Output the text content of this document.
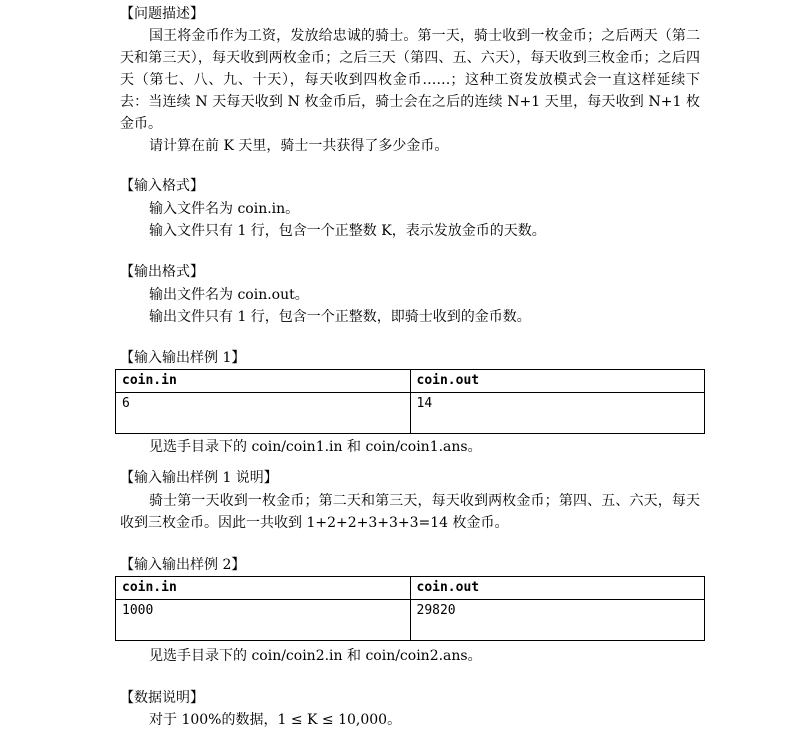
【问题描述】
国王将金币作为工资，发放给忠诚的骑士。第一天，骑士收到一枚金币；之后两天（第二天和第三天），每天收到两枚金币；之后三天（第四、五、六天），每天收到三枚金币；之后四天（第七、八、九、十天），每天收到四枚金币……；这种工资发放模式会一直这样延续下去：当连续 N 天每天收到 N 枚金币后，骑士会在之后的连续 N+1 天里，每天收到 N+1 枚金币。
请计算在前 K 天里，骑士一共获得了多少金币。
【输入格式】
输入文件名为 coin.in。
输入文件只有 1 行，包含一个正整数 K，表示发放金币的天数。
【输出格式】
输出文件名为 coin.out。
输出文件只有 1 行，包含一个正整数，即骑士收到的金币数。
【输入输出样例 1】
coin.in	coin.out
6	14
见选手目录下的 coin/coin1.in 和 coin/coin1.ans。
【输入输出样例 1 说明】
骑士第一天收到一枚金币；第二天和第三天，每天收到两枚金币；第四、五、六天，每天收到三枚金币。因此一共收到 1+2+2+3+3+3=14 枚金币。
【输入输出样例 2】
coin.in	coin.out
1000	29820
见选手目录下的 coin/coin2.in 和 coin/coin2.ans。
【数据说明】
对于 100%的数据，1 ≤ K ≤ 10,000。
